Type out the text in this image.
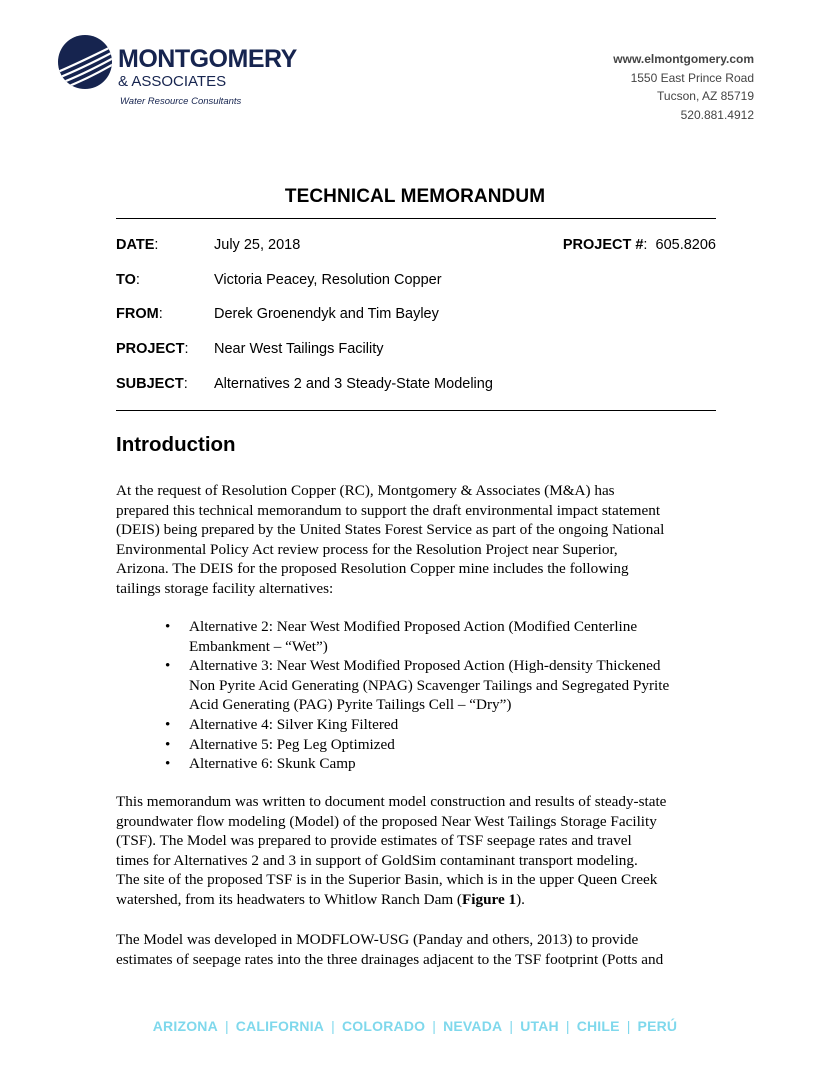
MONTGOMERY
& ASSOCIATES
Water Resource Consultants
www.elmontgomery.com
1550 East Prince Road
Tucson, AZ 85719
520.881.4912
TECHNICAL MEMORANDUM
DATE:	July 25, 2018	PROJECT #:  605.8206
TO:	Victoria Peacey, Resolution Copper
FROM:	Derek Groenendyk and Tim Bayley
PROJECT: Near West Tailings Facility
SUBJECT: Alternatives 2 and 3 Steady-State Modeling
Introduction
At the request of Resolution Copper (RC), Montgomery & Associates (M&A) has
prepared this technical memorandum to support the draft environmental impact statement
(DEIS) being prepared by the United States Forest Service as part of the ongoing National
Environmental Policy Act review process for the Resolution Project near Superior,
Arizona. The DEIS for the proposed Resolution Copper mine includes the following
tailings storage facility alternatives:
• Alternative 2: Near West Modified Proposed Action (Modified Centerline
Embankment – “Wet”)
• Alternative 3: Near West Modified Proposed Action (High-density Thickened
Non Pyrite Acid Generating (NPAG) Scavenger Tailings and Segregated Pyrite
Acid Generating (PAG) Pyrite Tailings Cell – “Dry”)
• Alternative 4: Silver King Filtered
• Alternative 5: Peg Leg Optimized
• Alternative 6: Skunk Camp
This memorandum was written to document model construction and results of steady-state
groundwater flow modeling (Model) of the proposed Near West Tailings Storage Facility
(TSF). The Model was prepared to provide estimates of TSF seepage rates and travel
times for Alternatives 2 and 3 in support of GoldSim contaminant transport modeling.
The site of the proposed TSF is in the Superior Basin, which is in the upper Queen Creek
watershed, from its headwaters to Whitlow Ranch Dam (Figure 1).
The Model was developed in MODFLOW-USG (Panday and others, 2013) to provide
estimates of seepage rates into the three drainages adjacent to the TSF footprint (Potts and
ARIZONA | CALIFORNIA | COLORADO | NEVADA | UTAH | CHILE | PERÚ
